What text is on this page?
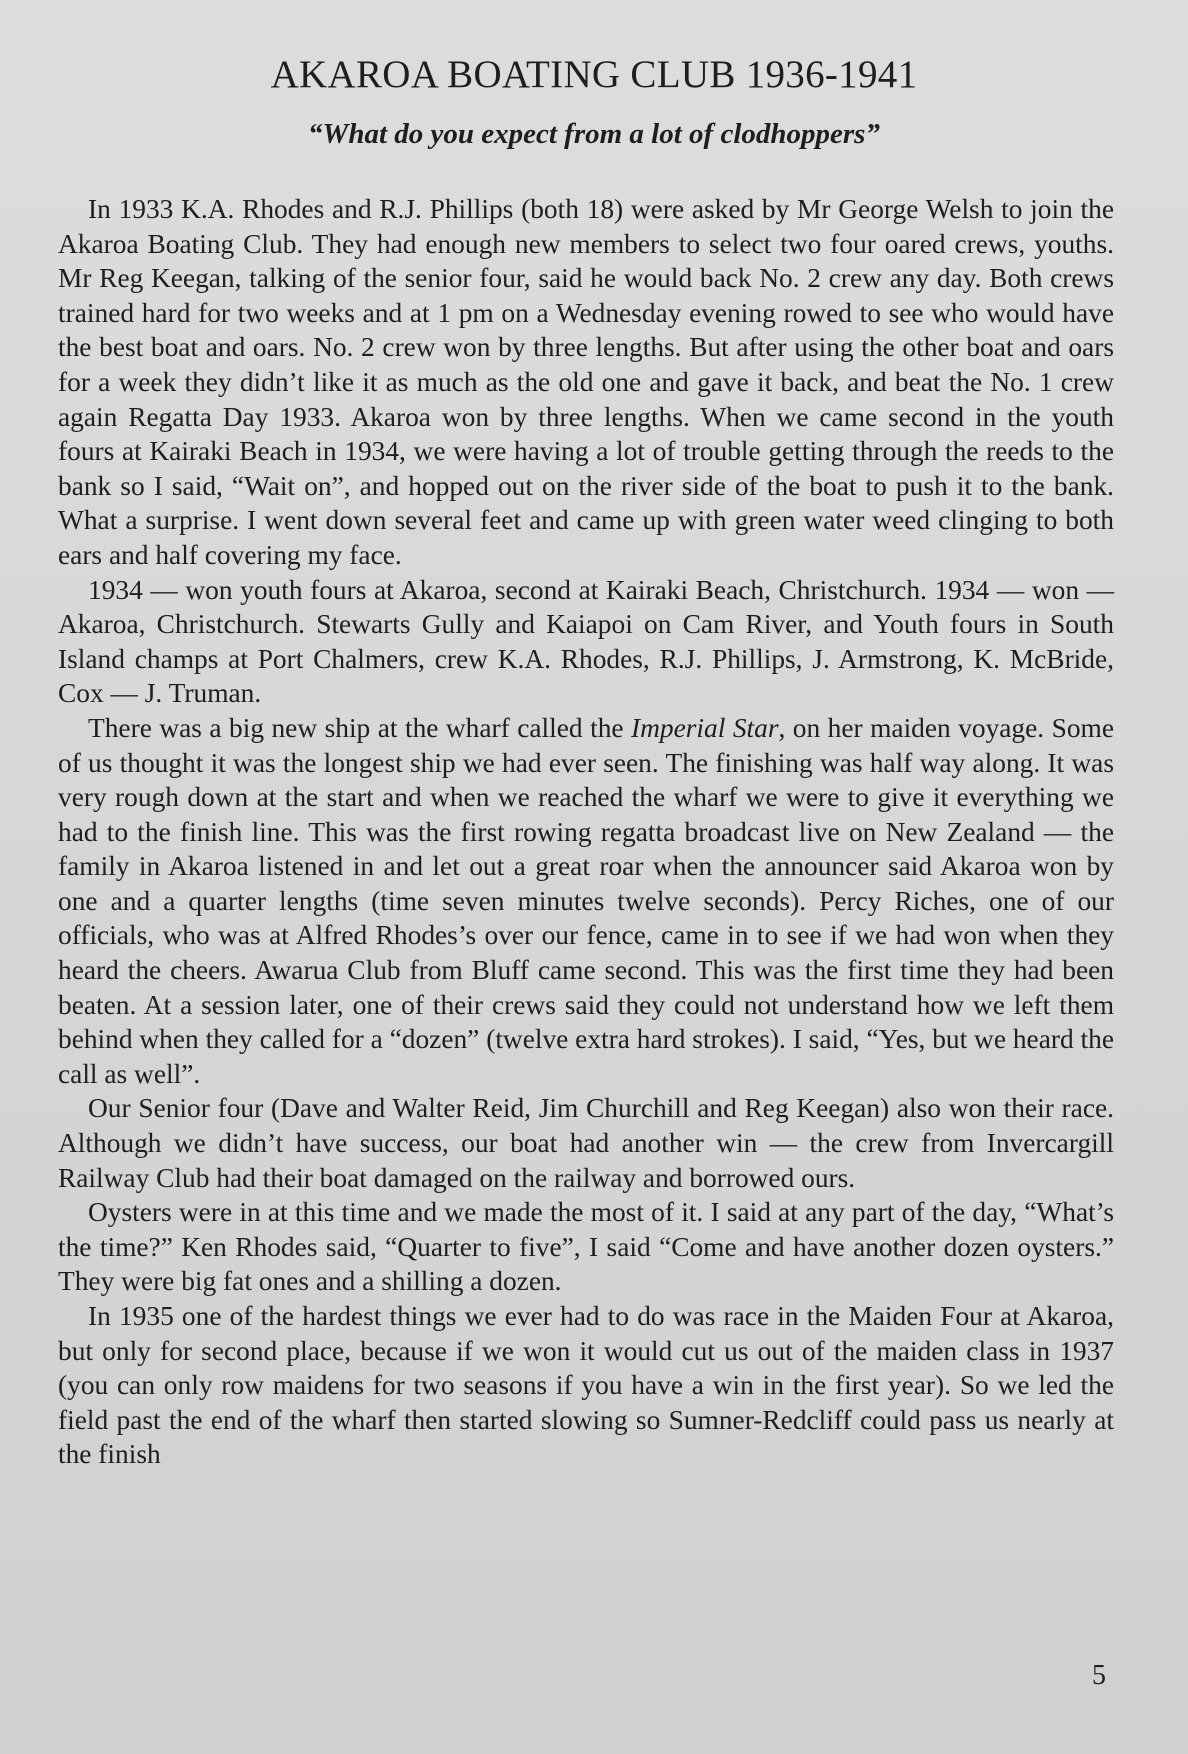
AKAROA BOATING CLUB 1936-1941
“What do you expect from a lot of clodhoppers”

In 1933 K.A. Rhodes and R.J. Phillips (both 18) were asked by Mr George Welsh to join the Akaroa Boating Club. They had enough new members to select two four oared crews, youths. Mr Reg Keegan, talking of the senior four, said he would back No. 2 crew any day. Both crews trained hard for two weeks and at 1 pm on a Wednesday evening rowed to see who would have the best boat and oars. No. 2 crew won by three lengths. But after using the other boat and oars for a week they didn’t like it as much as the old one and gave it back, and beat the No. 1 crew again Regatta Day 1933. Akaroa won by three lengths. When we came second in the youth fours at Kairaki Beach in 1934, we were having a lot of trouble getting through the reeds to the bank so I said, “Wait on”, and hopped out on the river side of the boat to push it to the bank. What a surprise. I went down several feet and came up with green water weed clinging to both ears and half covering my face.

1934 — won youth fours at Akaroa, second at Kairaki Beach, Christchurch. 1934 — won — Akaroa, Christchurch. Stewarts Gully and Kaiapoi on Cam River, and Youth fours in South Island champs at Port Chalmers, crew K.A. Rhodes, R.J. Phillips, J. Armstrong, K. McBride, Cox — J. Truman.

There was a big new ship at the wharf called the Imperial Star, on her maiden voyage. Some of us thought it was the longest ship we had ever seen. The finishing was half way along. It was very rough down at the start and when we reached the wharf we were to give it everything we had to the finish line. This was the first rowing regatta broadcast live on New Zealand — the family in Akaroa listened in and let out a great roar when the announcer said Akaroa won by one and a quarter lengths (time seven minutes twelve seconds). Percy Riches, one of our officials, who was at Alfred Rhodes’s over our fence, came in to see if we had won when they heard the cheers. Awarua Club from Bluff came second. This was the first time they had been beaten. At a session later, one of their crews said they could not understand how we left them behind when they called for a “dozen” (twelve extra hard strokes). I said, “Yes, but we heard the call as well”.

Our Senior four (Dave and Walter Reid, Jim Churchill and Reg Keegan) also won their race. Although we didn’t have success, our boat had another win — the crew from Invercargill Railway Club had their boat damaged on the railway and borrowed ours.

Oysters were in at this time and we made the most of it. I said at any part of the day, “What’s the time?” Ken Rhodes said, “Quarter to five”, I said “Come and have another dozen oysters.” They were big fat ones and a shilling a dozen.

In 1935 one of the hardest things we ever had to do was race in the Maiden Four at Akaroa, but only for second place, because if we won it would cut us out of the maiden class in 1937 (you can only row maidens for two seasons if you have a win in the first year). So we led the field past the end of the wharf then started slowing so Sumner-Redcliff could pass us nearly at the finish

5
